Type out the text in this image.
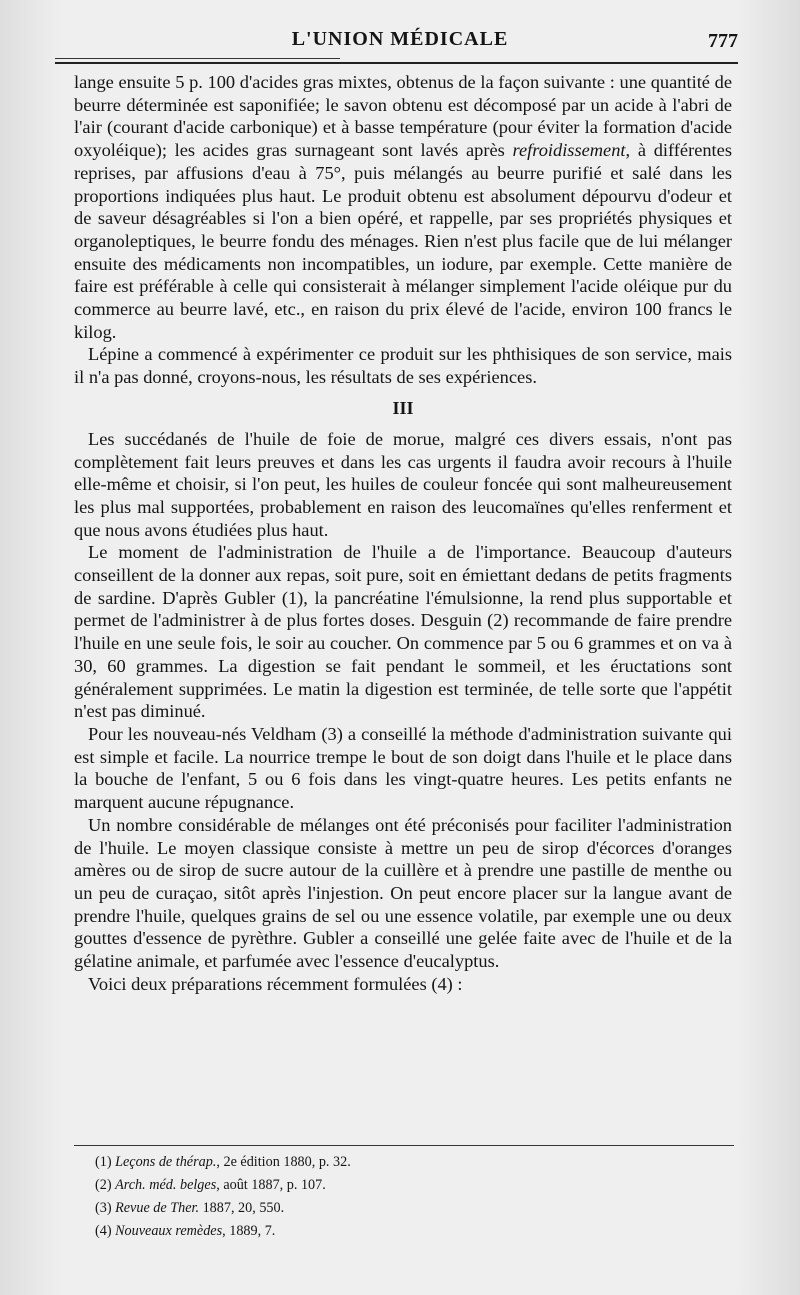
L'UNION MÉDICALE	777

lange ensuite 5 p. 100 d'acides gras mixtes, obtenus de la façon suivante : une quantité de beurre déterminée est saponifiée; le savon obtenu est décomposé par un acide à l'abri de l'air (courant d'acide carbonique) et à basse température (pour éviter la formation d'acide oxyoléique); les acides gras surnageant sont lavés après refroidissement, à différentes reprises, par affusions d'eau à 75°, puis mélangés au beurre purifié et salé dans les proportions indiquées plus haut. Le produit obtenu est absolument dépourvu d'odeur et de saveur désagréables si l'on a bien opéré, et rappelle, par ses propriétés physiques et organoleptiques, le beurre fondu des ménages. Rien n'est plus facile que de lui mélanger ensuite des médicaments non incompatibles, un iodure, par exemple. Cette manière de faire est préférable à celle qui consisterait à mélanger simplement l'acide oléique pur du commerce au beurre lavé, etc., en raison du prix élevé de l'acide, environ 100 francs le kilog.

Lépine a commencé à expérimenter ce produit sur les phthisiques de son service, mais il n'a pas donné, croyons-nous, les résultats de ses expériences.

III

Les succédanés de l'huile de foie de morue, malgré ces divers essais, n'ont pas complètement fait leurs preuves et dans les cas urgents il faudra avoir recours à l'huile elle-même et choisir, si l'on peut, les huiles de couleur foncée qui sont malheureusement les plus mal supportées, probablement en raison des leucomaïnes qu'elles renferment et que nous avons étudiées plus haut.

Le moment de l'administration de l'huile a de l'importance. Beaucoup d'auteurs conseillent de la donner aux repas, soit pure, soit en émiettant dedans de petits fragments de sardine. D'après Gubler (1), la pancréatine l'émulsionne, la rend plus supportable et permet de l'administrer à de plus fortes doses. Desguin (2) recommande de faire prendre l'huile en une seule fois, le soir au coucher. On commence par 5 ou 6 grammes et on va à 30, 60 grammes. La digestion se fait pendant le sommeil, et les éructations sont généralement supprimées. Le matin la digestion est terminée, de telle sorte que l'appétit n'est pas diminué.

Pour les nouveau-nés Veldham (3) a conseillé la méthode d'administration suivante qui est simple et facile. La nourrice trempe le bout de son doigt dans l'huile et le place dans la bouche de l'enfant, 5 ou 6 fois dans les vingt-quatre heures. Les petits enfants ne marquent aucune répugnance.

Un nombre considérable de mélanges ont été préconisés pour faciliter l'administration de l'huile. Le moyen classique consiste à mettre un peu de sirop d'écorces d'oranges amères ou de sirop de sucre autour de la cuillère et à prendre une pastille de menthe ou un peu de curaçao, sitôt après l'injestion. On peut encore placer sur la langue avant de prendre l'huile, quelques grains de sel ou une essence volatile, par exemple une ou deux gouttes d'essence de pyrèthre. Gubler a conseillé une gelée faite avec de l'huile et de la gélatine animale, et parfumée avec l'essence d'eucalyptus.

Voici deux préparations récemment formulées (4) :

(1) Leçons de thérap., 2e édition 1880, p. 32.
(2) Arch. méd. belges, août 1887, p. 107.
(3) Revue de Ther. 1887, 20, 550.
(4) Nouveaux remèdes, 1889, 7.
